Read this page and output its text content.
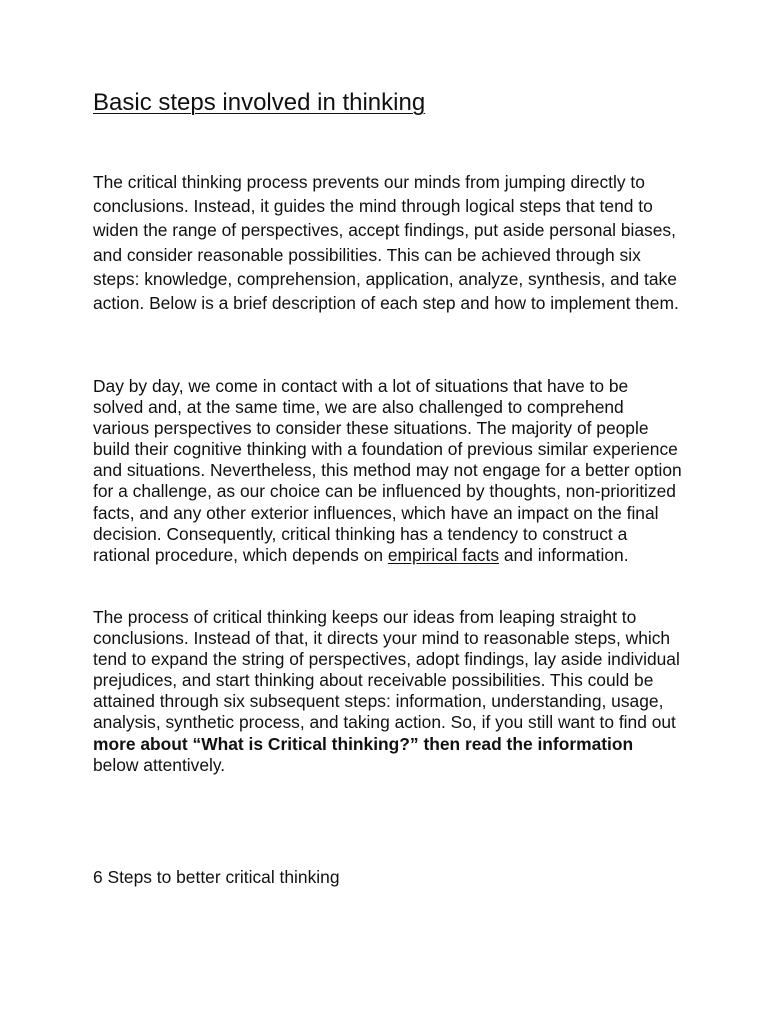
Basic steps involved in thinking

The critical thinking process prevents our minds from jumping directly to conclusions. Instead, it guides the mind through logical steps that tend to widen the range of perspectives, accept findings, put aside personal biases, and consider reasonable possibilities. This can be achieved through six steps: knowledge, comprehension, application, analyze, synthesis, and take action. Below is a brief description of each step and how to implement them.

Day by day, we come in contact with a lot of situations that have to be solved and, at the same time, we are also challenged to comprehend various perspectives to consider these situations. The majority of people build their cognitive thinking with a foundation of previous similar experience and situations. Nevertheless, this method may not engage for a better option for a challenge, as our choice can be influenced by thoughts, non-prioritized facts, and any other exterior influences, which have an impact on the final decision. Consequently, critical thinking has a tendency to construct a rational procedure, which depends on empirical facts and information.

The process of critical thinking keeps our ideas from leaping straight to conclusions. Instead of that, it directs your mind to reasonable steps, which tend to expand the string of perspectives, adopt findings, lay aside individual prejudices, and start thinking about receivable possibilities. This could be attained through six subsequent steps: information, understanding, usage, analysis, synthetic process, and taking action. So, if you still want to find out more about “What is Critical thinking?” then read the information below attentively.

6 Steps to better critical thinking
